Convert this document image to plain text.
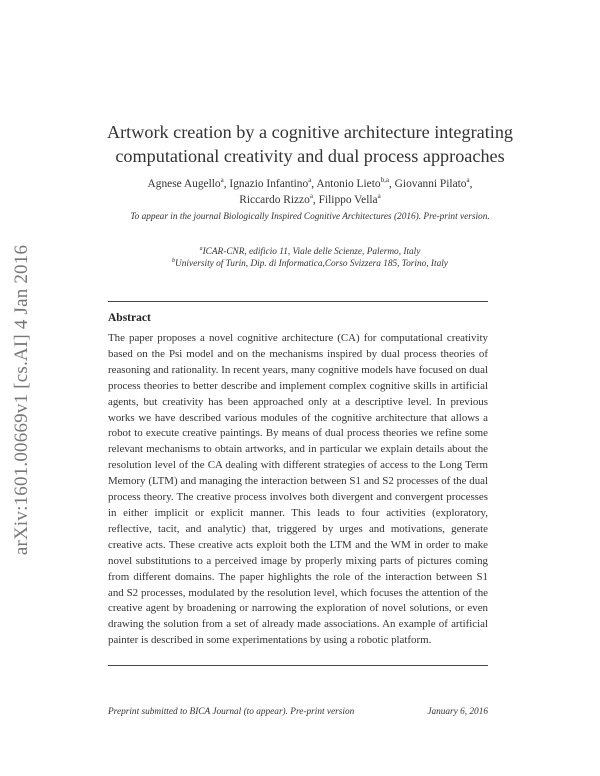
arXiv:1601.00669v1 [cs.AI] 4 Jan 2016
Artwork creation by a cognitive architecture integrating computational creativity and dual process approaches
Agnese Augello$^a$, Ignazio Infantino$^a$, Antonio Lieto$^{b,a}$, Giovanni Pilato$^a$,
Riccardo Rizzo$^a$, Filippo Vella$^a$
To appear in the journal Biologically Inspired Cognitive Architectures (2016). Pre-print version.
$^a$ICAR-CNR, edificio 11, Viale delle Scienze, Palermo, Italy
$^b$University of Turin, Dip. di Informatica,Corso Svizzera 185, Torino, Italy
Abstract
The paper proposes a novel cognitive architecture (CA) for computational creativity based on the Psi model and on the mechanisms inspired by dual process theories of reasoning and rationality. In recent years, many cognitive models have focused on dual process theories to better describe and implement complex cognitive skills in artificial agents, but creativity has been approached only at a descriptive level. In previous works we have described various modules of the cognitive architecture that allows a robot to execute creative paintings. By means of dual process theories we refine some relevant mechanisms to obtain artworks, and in particular we explain details about the resolution level of the CA dealing with different strategies of access to the Long Term Memory (LTM) and managing the interaction between S1 and S2 processes of the dual process theory. The creative process involves both divergent and convergent processes in either implicit or explicit manner. This leads to four activities (exploratory, reflective, tacit, and analytic) that, triggered by urges and motivations, generate creative acts. These creative acts exploit both the LTM and the WM in order to make novel substitutions to a perceived image by properly mixing parts of pictures coming from different domains. The paper highlights the role of the interaction between S1 and S2 processes, modulated by the resolution level, which focuses the attention of the creative agent by broadening or narrowing the exploration of novel solutions, or even drawing the solution from a set of already made associations. An example of artificial painter is described in some experimentations by using a robotic platform.
Preprint submitted to BICA Journal (to appear). Pre-print version	January 6, 2016
